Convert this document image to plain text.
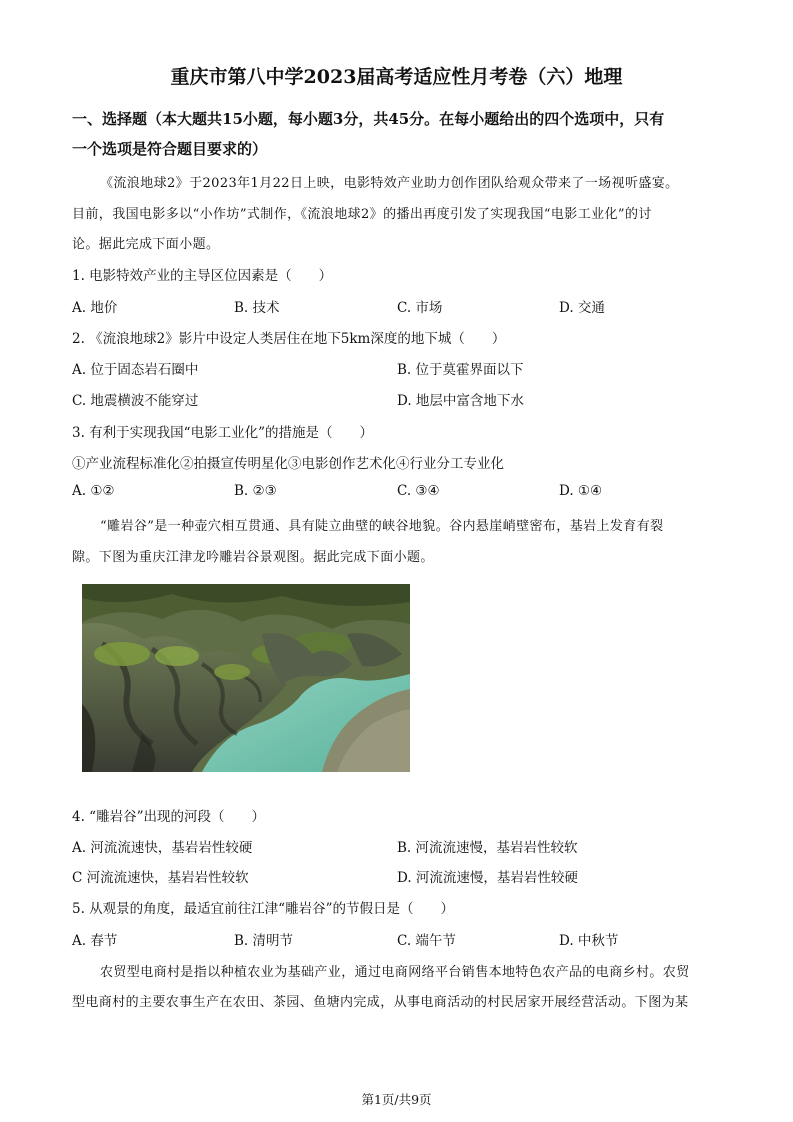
重庆市第八中学2023届高考适应性月考卷（六）地理
一、选择题（本大题共15小题，每小题3分，共45分。在每小题给出的四个选项中，只有
一个选项是符合题目要求的）
《流浪地球2》于2023年1月22日上映，电影特效产业助力创作团队给观众带来了一场视听盛宴。
目前，我国电影多以“小作坊”式制作，《流浪地球2》的播出再度引发了实现我国“电影工业化”的讨
论。据此完成下面小题。
1. 电影特效产业的主导区位因素是（　　）
A. 地价	B. 技术	C. 市场	D. 交通
2. 《流浪地球2》影片中设定人类居住在地下5km深度的地下城（　　）
A. 位于固态岩石圈中	B. 位于莫霍界面以下
C. 地震横波不能穿过	D. 地层中富含地下水
3. 有利于实现我国“电影工业化”的措施是（　　）
①产业流程标准化②拍摄宣传明星化③电影创作艺术化④行业分工专业化
A. ①②	B. ②③	C. ③④	D. ①④
“雕岩谷”是一种壶穴相互贯通、具有陡立曲壁的峡谷地貌。谷内悬崖峭壁密布，基岩上发育有裂
隙。下图为重庆江津龙吟雕岩谷景观图。据此完成下面小题。
4. “雕岩谷”出现的河段（　　）
A. 河流流速快，基岩岩性较硬	B. 河流流速慢，基岩岩性较软
C 河流流速快，基岩岩性较软	D. 河流流速慢，基岩岩性较硬
5. 从观景的角度，最适宜前往江津“雕岩谷”的节假日是（　　）
A. 春节	B. 清明节	C. 端午节	D. 中秋节
农贸型电商村是指以种植农业为基础产业，通过电商网络平台销售本地特色农产品的电商乡村。农贸
型电商村的主要农事生产在农田、茶园、鱼塘内完成，从事电商活动的村民居家开展经营活动。下图为某
第1页/共9页
